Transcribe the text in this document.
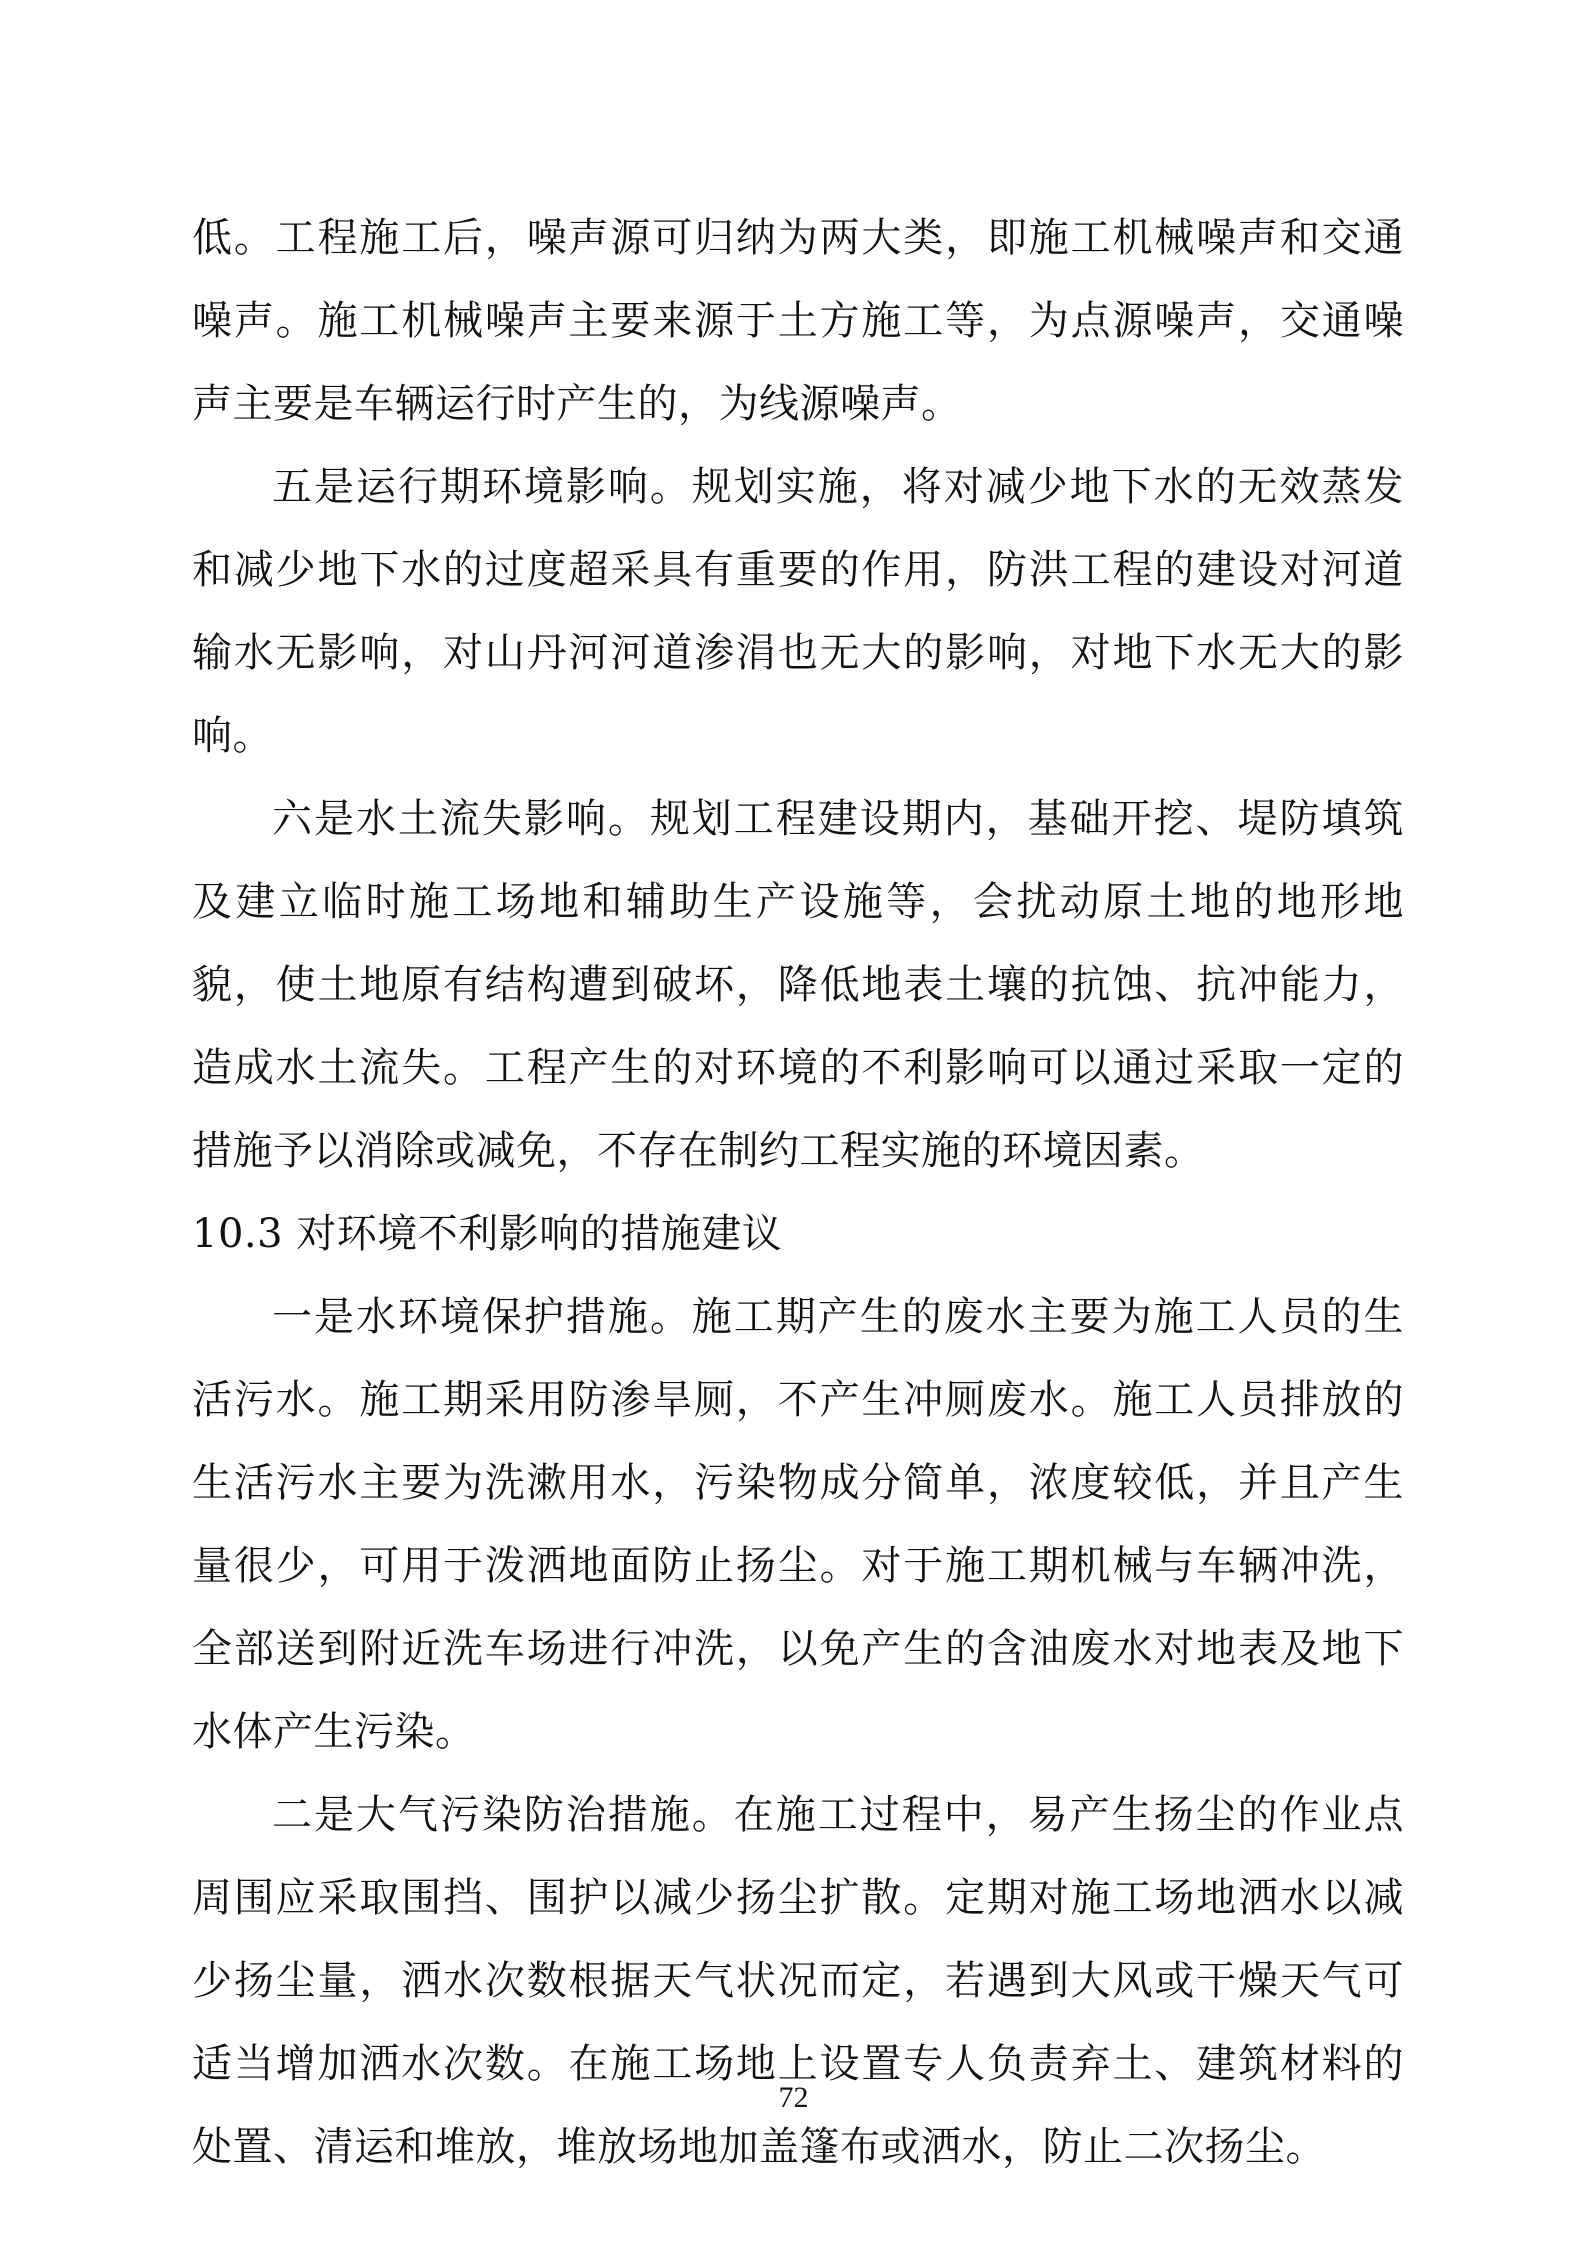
低。工程施工后，噪声源可归纳为两大类，即施工机械噪声和交通噪声。施工机械噪声主要来源于土方施工等，为点源噪声，交通噪声主要是车辆运行时产生的，为线源噪声。

五是运行期环境影响。规划实施，将对减少地下水的无效蒸发和减少地下水的过度超采具有重要的作用，防洪工程的建设对河道输水无影响，对山丹河河道渗涓也无大的影响，对地下水无大的影响。

六是水土流失影响。规划工程建设期内，基础开挖、堤防填筑及建立临时施工场地和辅助生产设施等，会扰动原土地的地形地貌，使土地原有结构遭到破坏，降低地表土壤的抗蚀、抗冲能力，造成水土流失。工程产生的对环境的不利影响可以通过采取一定的措施予以消除或减免，不存在制约工程实施的环境因素。

10.3 对环境不利影响的措施建议

一是水环境保护措施。施工期产生的废水主要为施工人员的生活污水。施工期采用防渗旱厕，不产生冲厕废水。施工人员排放的生活污水主要为洗漱用水，污染物成分简单，浓度较低，并且产生量很少，可用于泼洒地面防止扬尘。对于施工期机械与车辆冲洗，全部送到附近洗车场进行冲洗，以免产生的含油废水对地表及地下水体产生污染。

二是大气污染防治措施。在施工过程中，易产生扬尘的作业点周围应采取围挡、围护以减少扬尘扩散。定期对施工场地洒水以减少扬尘量，洒水次数根据天气状况而定，若遇到大风或干燥天气可适当增加洒水次数。在施工场地上设置专人负责弃土、建筑材料的处置、清运和堆放，堆放场地加盖篷布或洒水，防止二次扬尘。

72
